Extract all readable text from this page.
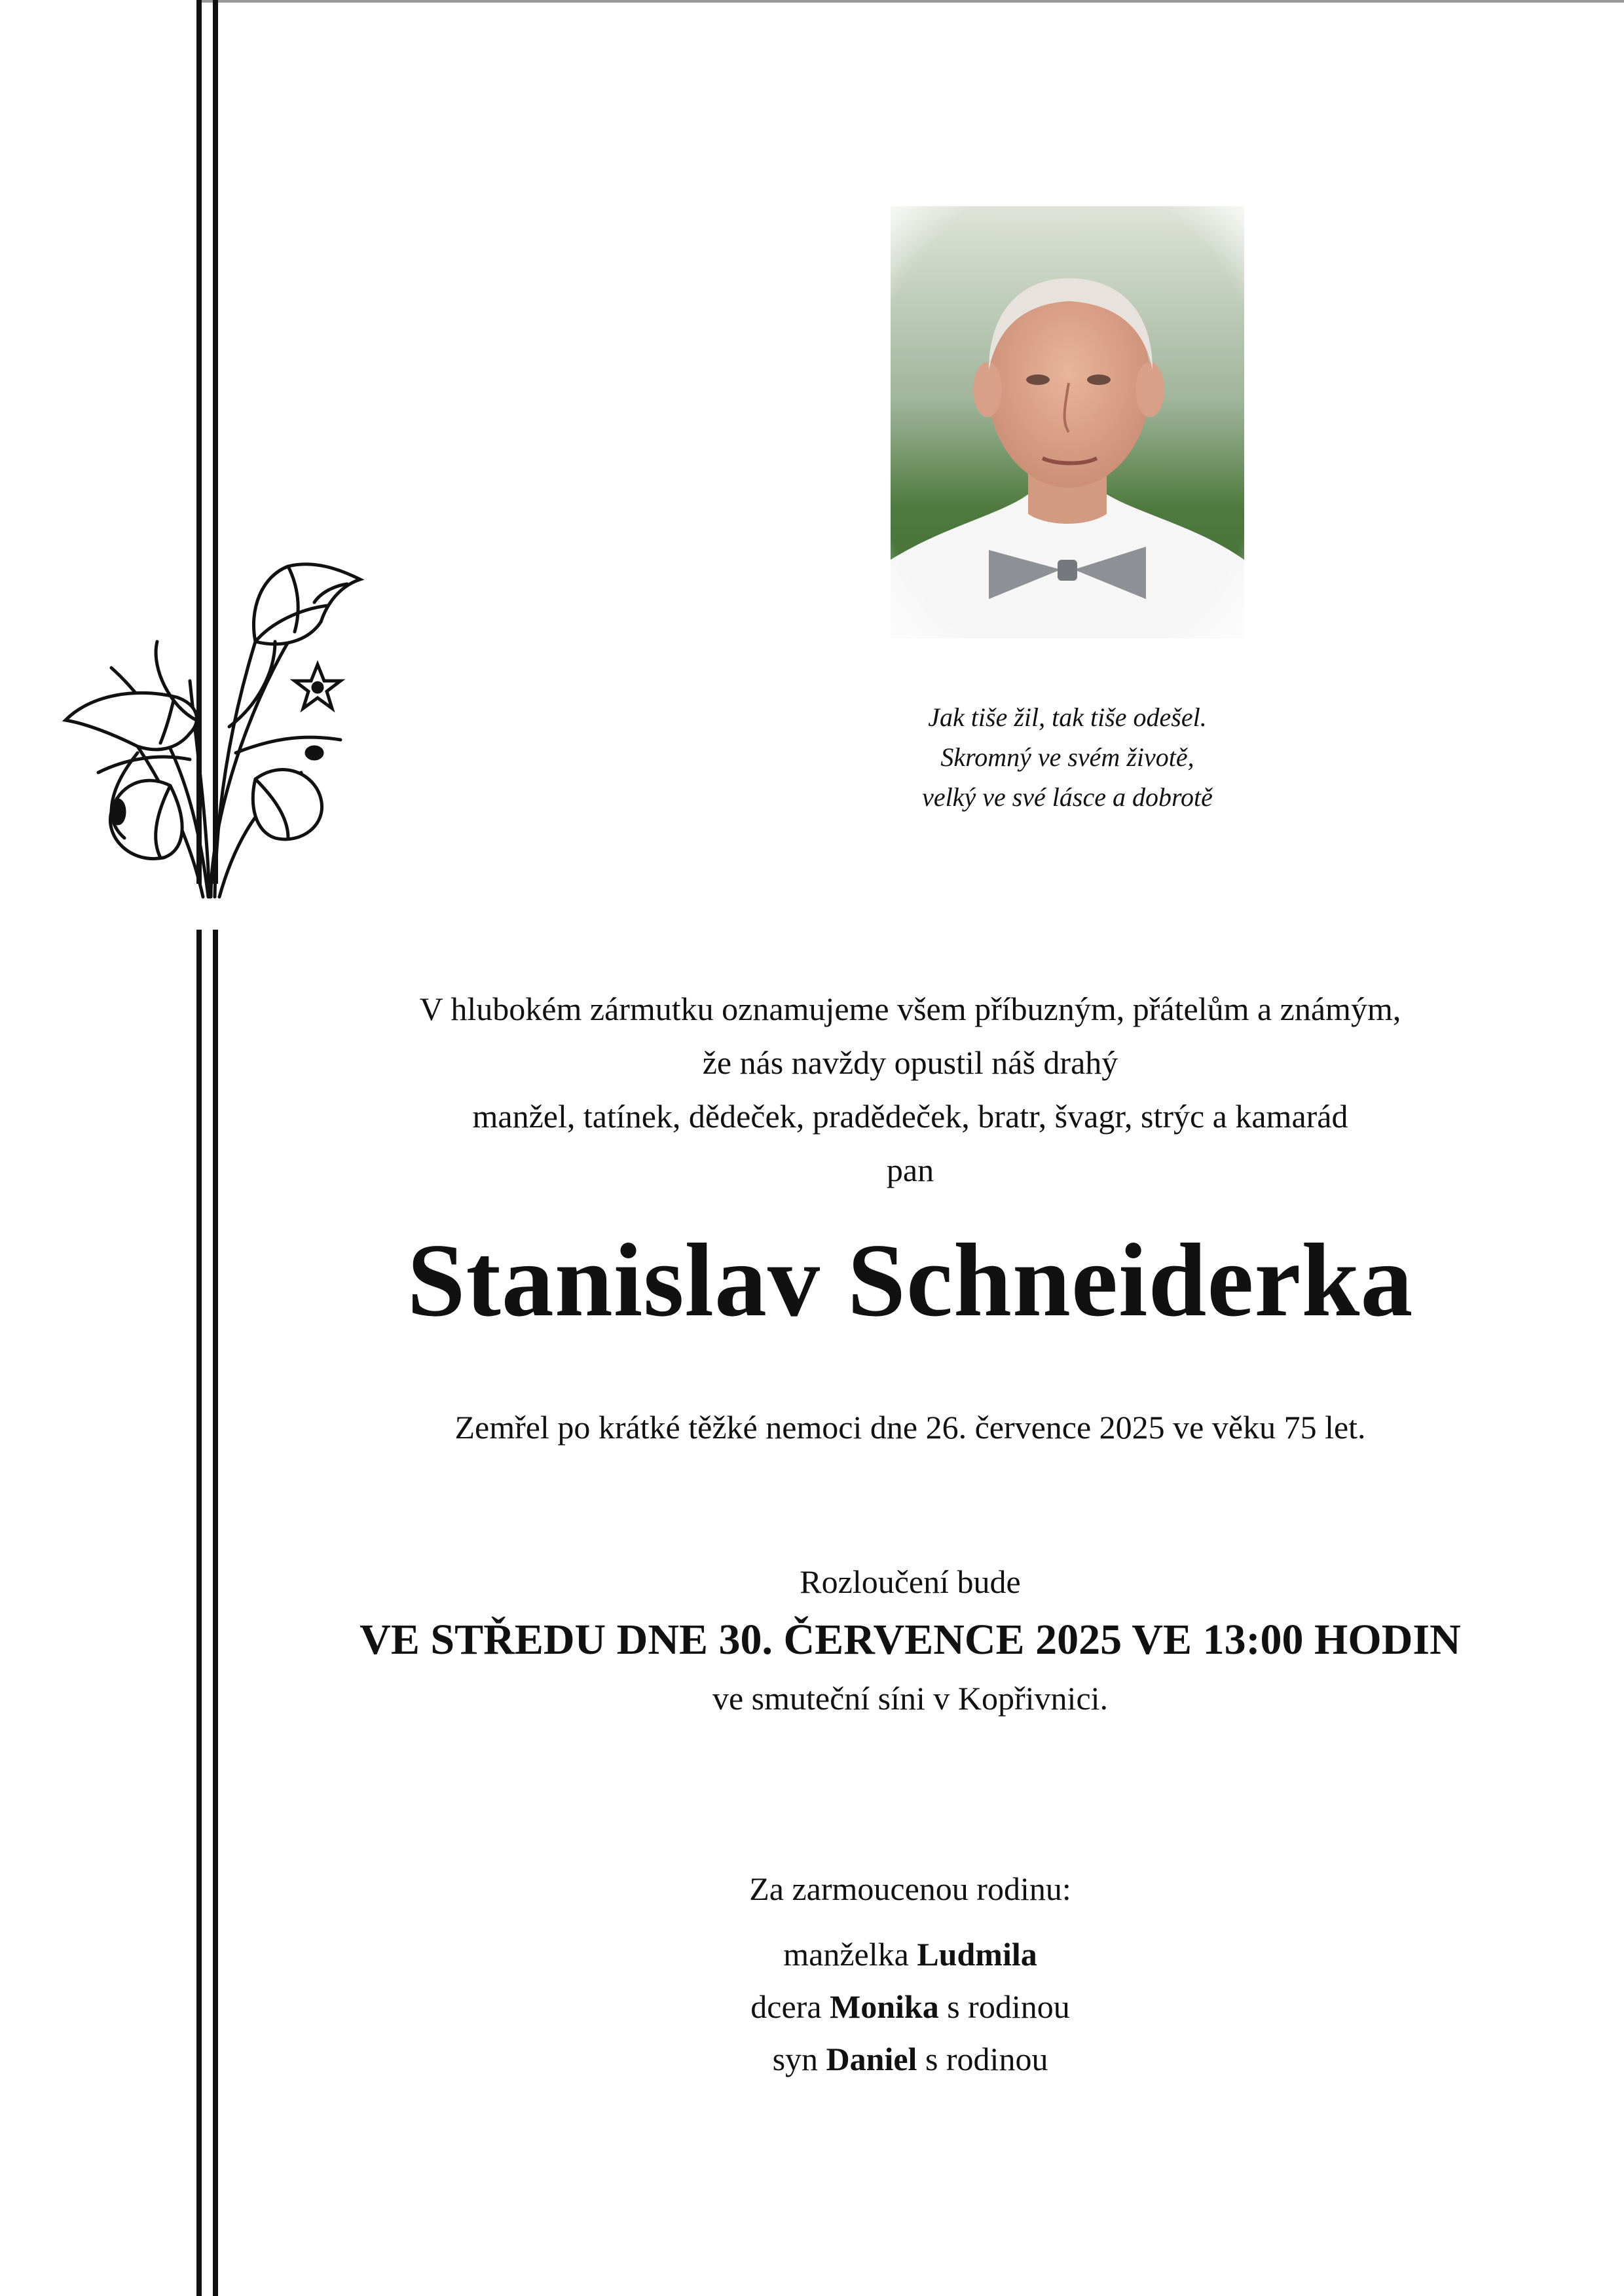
Jak tiše žil, tak tiše odešel.
Skromný ve svém životě,
velký ve své lásce a dobrotě
V hlubokém zármutku oznamujeme všem příbuzným, přátelům a známým,
že nás navždy opustil náš drahý
manžel, tatínek, dědeček, pradědeček, bratr, švagr, strýc a kamarád
pan
Stanislav Schneiderka
Zemřel po krátké těžké nemoci dne 26. července 2025 ve věku 75 let.
Rozloučení bude
VE STŘEDU DNE 30. ČERVENCE 2025 VE 13:00 HODIN
ve smuteční síni v Kopřivnici.
Za zarmoucenou rodinu:
manželka Ludmila
dcera Monika s rodinou
syn Daniel s rodinou
